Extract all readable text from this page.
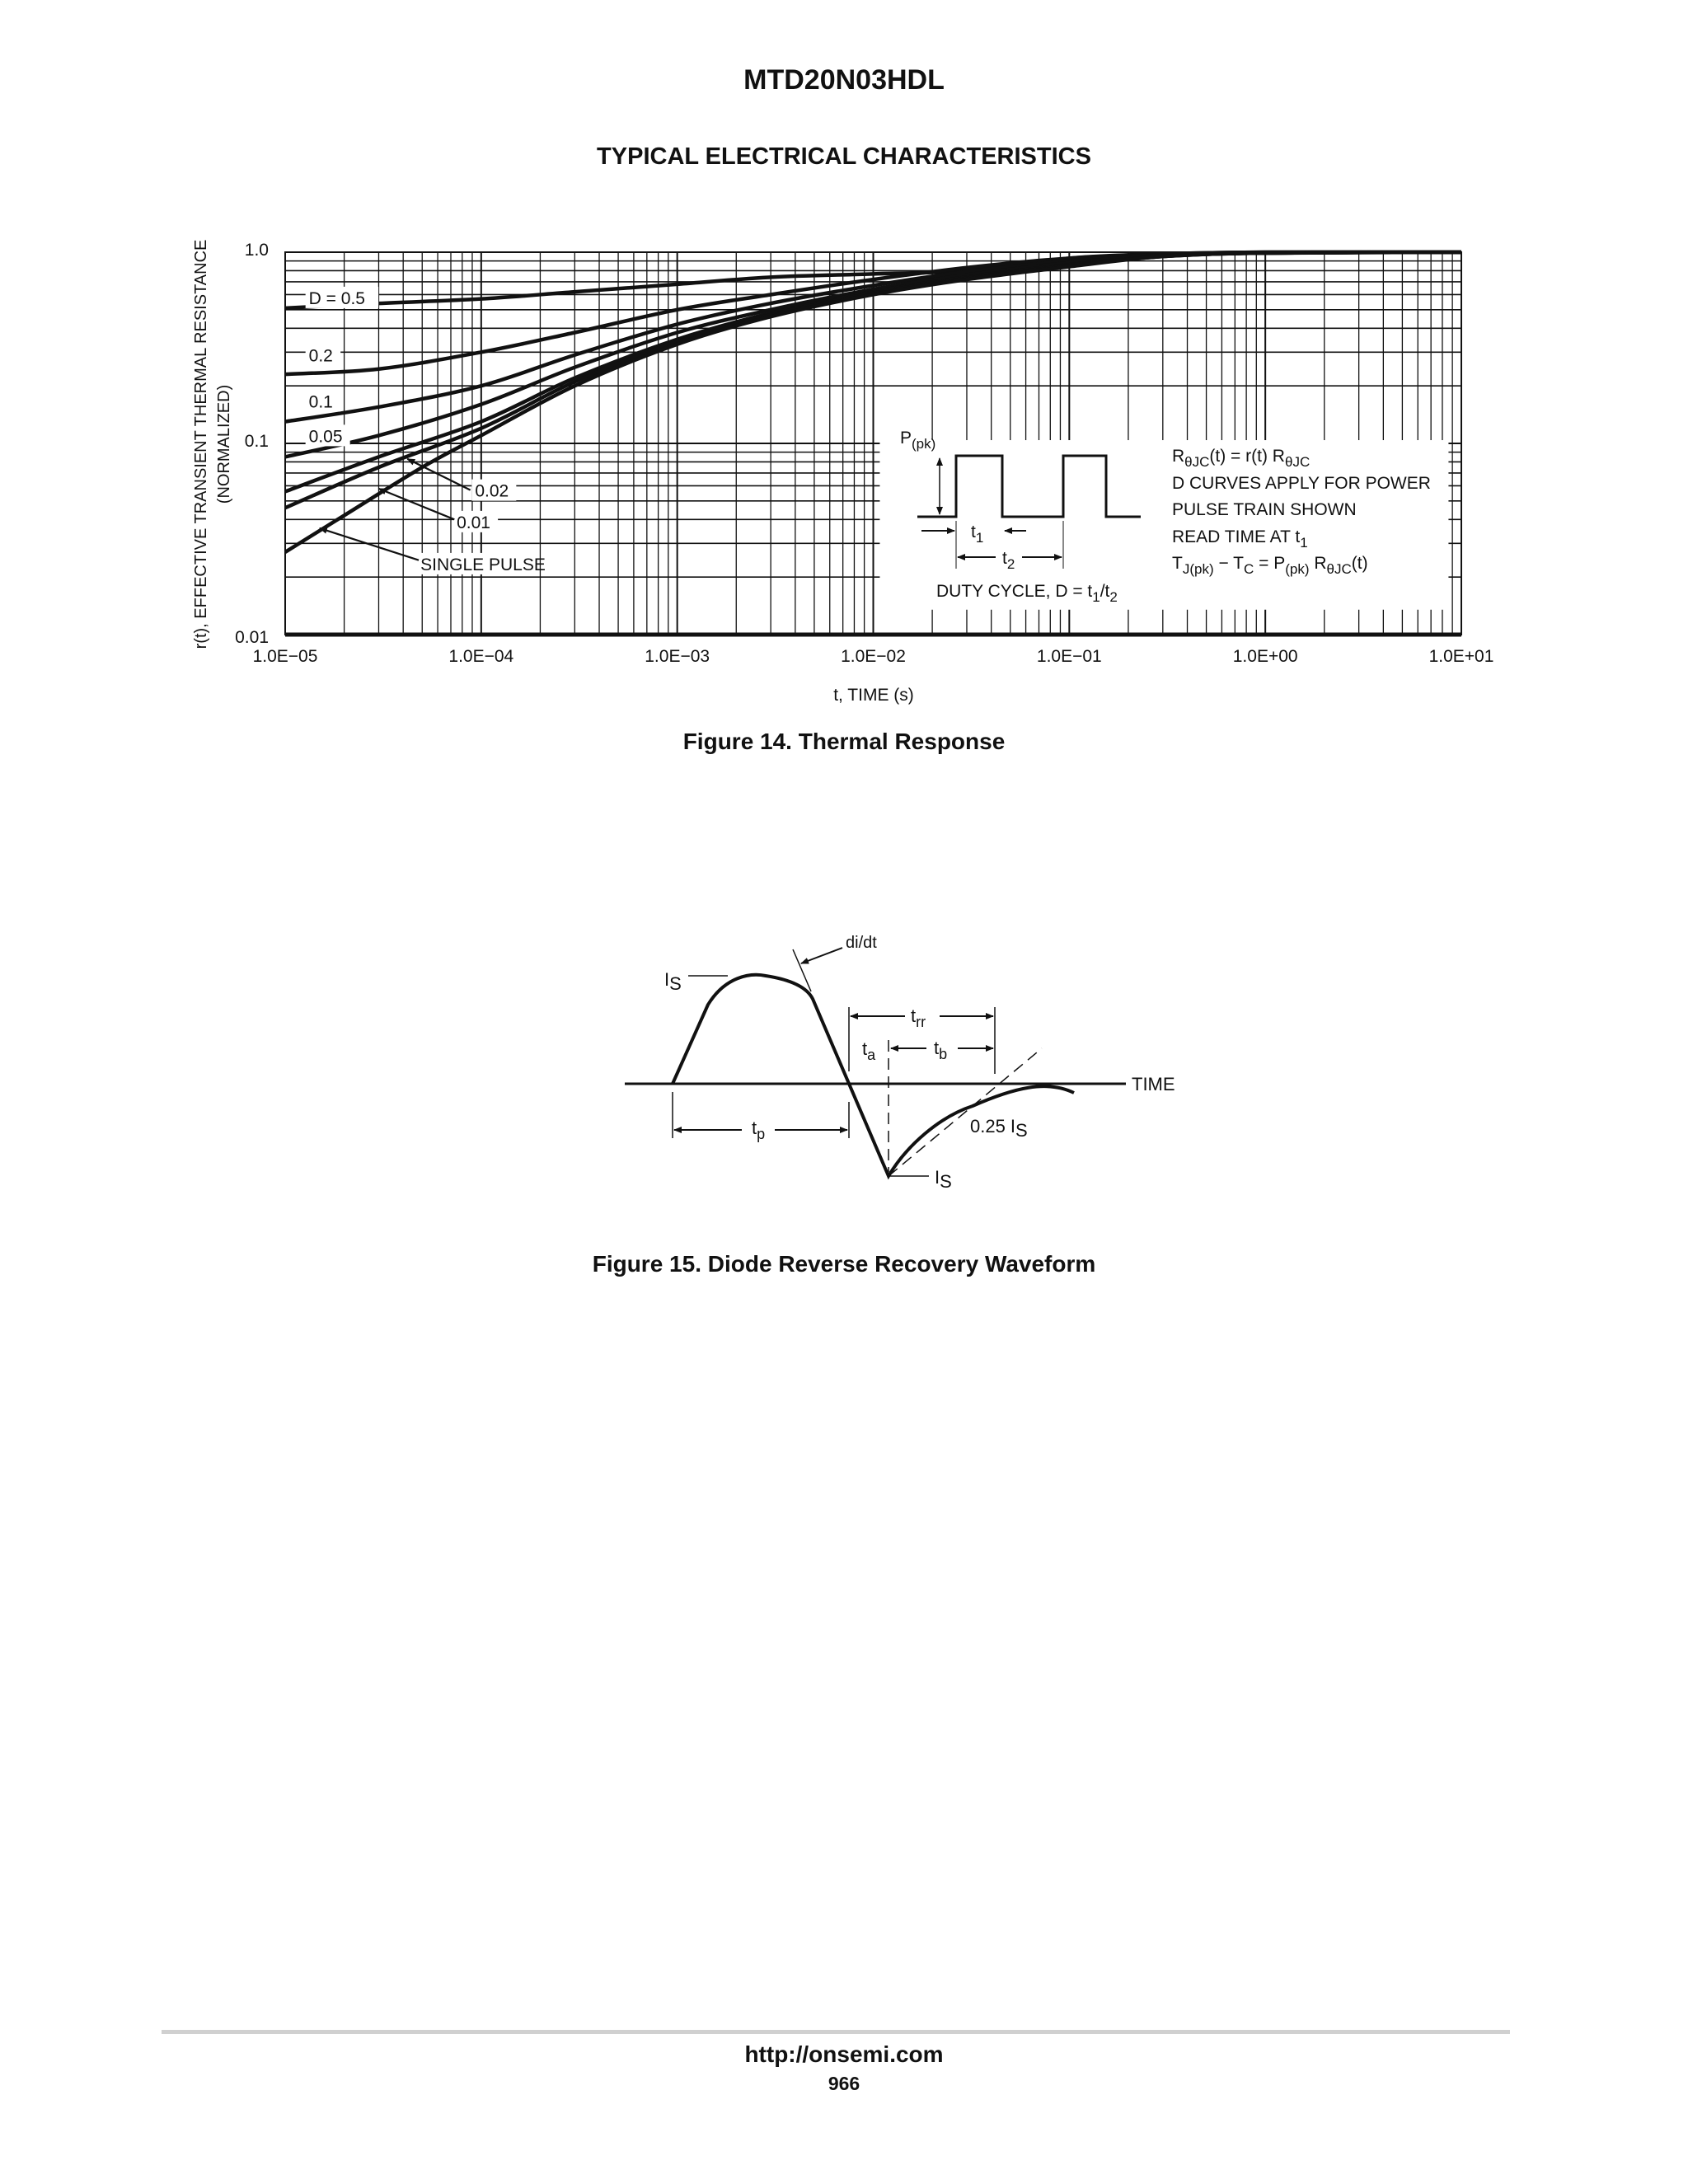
MTD20N03HDL
TYPICAL ELECTRICAL CHARACTERISTICS
1.0E−05	1.0E−04	1.0E−03	1.0E−02	1.0E−01	1.0E+00	1.0E+01
0.01
0.1
1.0
r(t), EFFECTIVE TRANSIENT THERMAL RESISTANCE (NORMALIZED)
t, TIME (s)
D = 0.5
0.2
0.1
0.05
0.02
0.01
SINGLE PULSE
$P_{(pk)}$
$t_1$
$t_2$
DUTY CYCLE, $D = t_1/t_2$
$R_{\theta JC}(t) = r(t)$ $R_{\theta JC}$
D CURVES APPLY FOR POWER
PULSE TRAIN SHOWN
READ TIME AT $t_1$
$T_{J(pk)} - T_C = P_{(pk)}$ $R_{\theta JC}(t)$
TIME
di/dt
IS
$t_{rr}$
$t_a$	$t_b$
$t_p$	0.25 IS
IS
Figure 14. Thermal Response
Figure 15. Diode Reverse Recovery Waveform
http://onsemi.com
966
